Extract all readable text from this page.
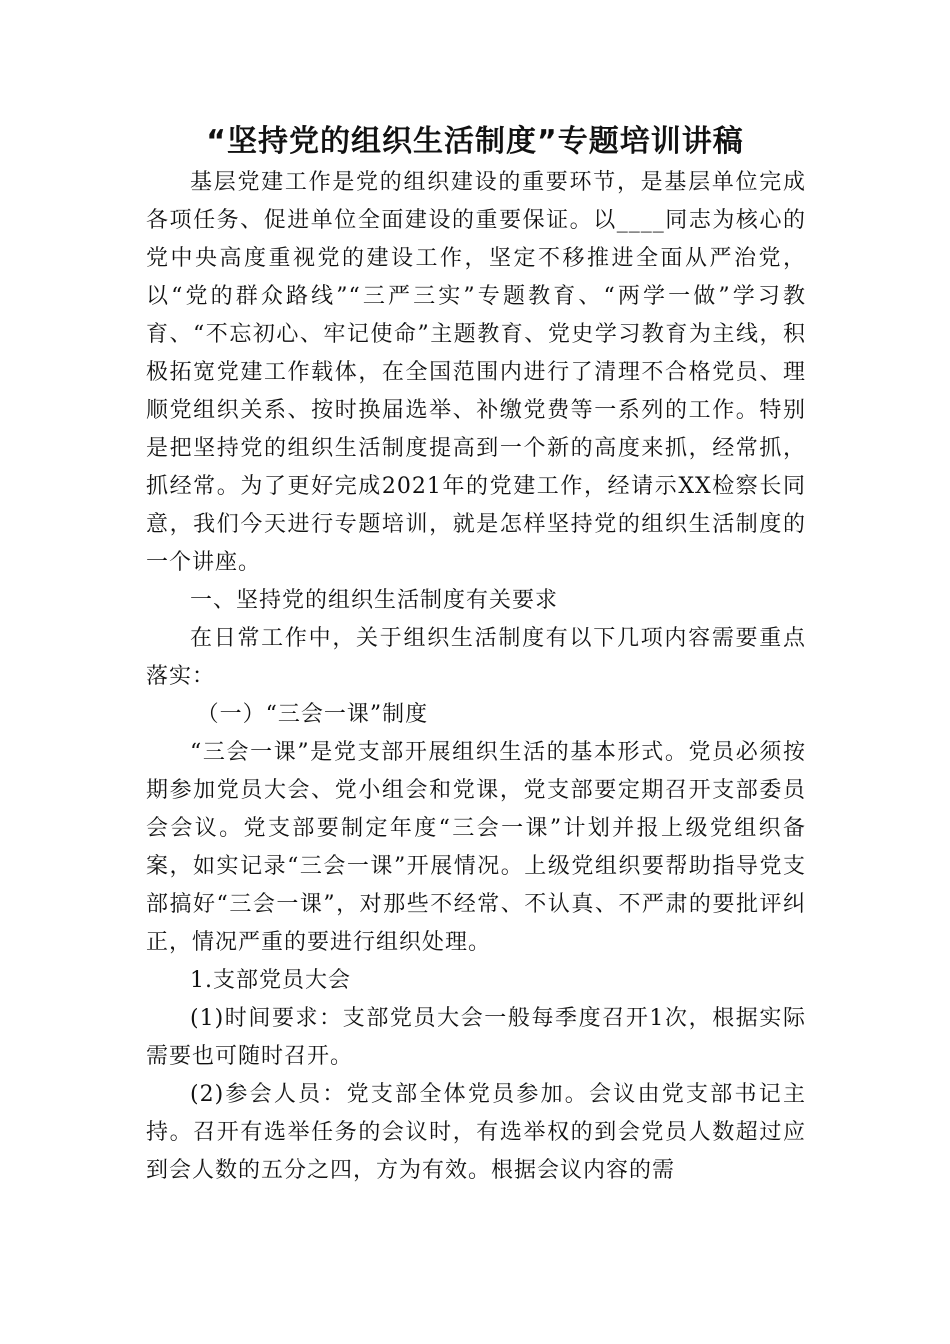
“坚持党的组织生活制度”专题培训讲稿

基层党建工作是党的组织建设的重要环节，是基层单位完成各项任务、促进单位全面建设的重要保证。以____同志为核心的党中央高度重视党的建设工作，坚定不移推进全面从严治党，以“党的群众路线”“三严三实”专题教育、“两学一做”学习教育、“不忘初心、牢记使命”主题教育、党史学习教育为主线，积极拓宽党建工作载体，在全国范围内进行了清理不合格党员、理顺党组织关系、按时换届选举、补缴党费等一系列的工作。特别是把坚持党的组织生活制度提高到一个新的高度来抓，经常抓，抓经常。为了更好完成2021年的党建工作，经请示XX检察长同意，我们今天进行专题培训，就是怎样坚持党的组织生活制度的一个讲座。

一、坚持党的组织生活制度有关要求

在日常工作中，关于组织生活制度有以下几项内容需要重点落实：

（一）“三会一课”制度

“三会一课”是党支部开展组织生活的基本形式。党员必须按期参加党员大会、党小组会和党课，党支部要定期召开支部委员会会议。党支部要制定年度“三会一课”计划并报上级党组织备案，如实记录“三会一课”开展情况。上级党组织要帮助指导党支部搞好“三会一课”，对那些不经常、不认真、不严肃的要批评纠正，情况严重的要进行组织处理。

1.支部党员大会

(1)时间要求：支部党员大会一般每季度召开1次，根据实际需要也可随时召开。

(2)参会人员：党支部全体党员参加。会议由党支部书记主持。召开有选举任务的会议时，有选举权的到会党员人数超过应到会人数的五分之四，方为有效。根据会议内容的需
